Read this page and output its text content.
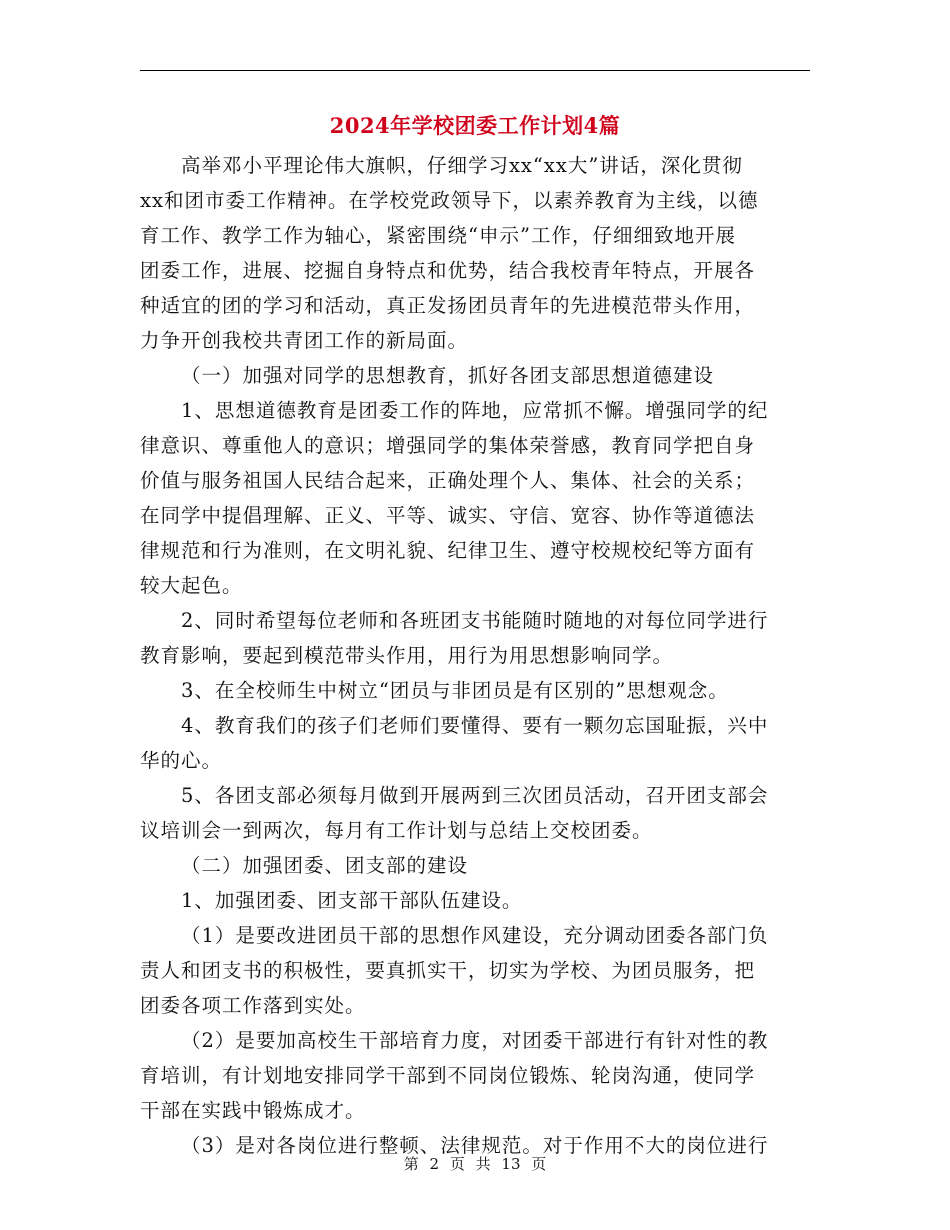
2024年学校团委工作计划4篇
高举邓小平理论伟大旗帜，仔细学习xx“xx大”讲话，深化贯彻
xx和团市委工作精神。在学校党政领导下，以素养教育为主线，以德
育工作、教学工作为轴心，紧密围绕“申示”工作，仔细细致地开展
团委工作，进展、挖掘自身特点和优势，结合我校青年特点，开展各
种适宜的团的学习和活动，真正发扬团员青年的先进模范带头作用，
力争开创我校共青团工作的新局面。
（一）加强对同学的思想教育，抓好各团支部思想道德建设
1、思想道德教育是团委工作的阵地，应常抓不懈。增强同学的纪
律意识、尊重他人的意识；增强同学的集体荣誉感，教育同学把自身
价值与服务祖国人民结合起来，正确处理个人、集体、社会的关系；
在同学中提倡理解、正义、平等、诚实、守信、宽容、协作等道德法
律规范和行为准则，在文明礼貌、纪律卫生、遵守校规校纪等方面有
较大起色。
2、同时希望每位老师和各班团支书能随时随地的对每位同学进行
教育影响，要起到模范带头作用，用行为用思想影响同学。
3、在全校师生中树立“团员与非团员是有区别的”思想观念。
4、教育我们的孩子们老师们要懂得、要有一颗勿忘国耻振，兴中
华的心。
5、各团支部必须每月做到开展两到三次团员活动，召开团支部会
议培训会一到两次，每月有工作计划与总结上交校团委。
（二）加强团委、团支部的建设
1、加强团委、团支部干部队伍建设。
（1）是要改进团员干部的思想作风建设，充分调动团委各部门负
责人和团支书的积极性，要真抓实干，切实为学校、为团员服务，把
团委各项工作落到实处。
（2）是要加高校生干部培育力度，对团委干部进行有针对性的教
育培训，有计划地安排同学干部到不同岗位锻炼、轮岗沟通，使同学
干部在实践中锻炼成才。
（3）是对各岗位进行整顿、法律规范。对于作用不大的岗位进行
第 2 页 共 13 页
